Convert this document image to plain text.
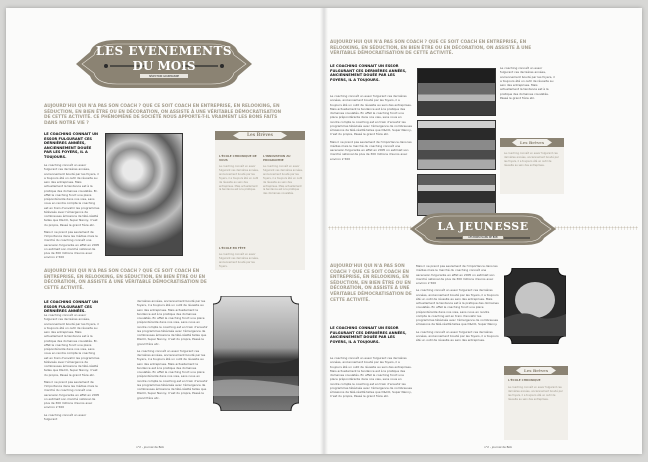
LES EVENEMENTS
DU MOIS
SÉLECTION GOURMANDE
AUJOURD'HUI QUI N'A PAS SON COACH ? QUE CE SOIT COACH EN ENTREPRISE, EN RELOOKING, EN SÉDUCTION, EN BIEN ÊTRE OU EN DÉCORATION, ON ASSISTE À UNE VÉRITABLE DÉMOCRATISATION DE CETTE ACTIVITÉ. CE PHÉNOMÈNE DE SOCIÉTÉ NOUS APPORTE-T-IL VRAIMENT LES BONS FAITS DANS NOTRE VIE ?
LE COACHING CONNAIT UN ESSOR FULGURANT CES DERNIÈRES ANNÉES, ANCIENNEMENT DOUÉE PAR LES FOYERS, IL A TOUJOURS.

Le coaching connaît un essor fulgurant ces dernières années, anciennement boudé par les foyers, il a toujours été un outil de réussite au sein des entreprises. Mais actuellement la tendance est à la pratique des domaines couslatés. En effet le coaching fonct une place prépondérante dans nos vies, sans nous en rendre compte le coaching est en train d'envahir les programmes télévisés avec l'émergence de nombreuses émissions de télé-réalité telles que D&CO, Super Nanny, C'est du propre, Passé le grand frère etc.

Mais il ne prend pas seulement de l'importance dans les médias mais le marché du coaching connaît une ascension fulgurante en effet en 2005 on estimait son marché national de plus de 300 millions d'euros avec environ 2 500

Les Brèves
L'ÉCOLE CHRONIQUE DE VOUS
L'INNOVATION AU PROGRAMME
Le coaching connaît un essor fulgurant ces dernières années, anciennement boudé par les foyers, il a toujours été un outil de réussite au sein des entreprises. Mais actuellement la tendance est à la pratique.
Le coaching connaît un essor fulgurant ces dernières années, anciennement boudé par les foyers, il a toujours été un outil de réussite au sein des entreprises. Mais actuellement la tendance est à la pratique des domaines couslatés.
L'ÉCOLE EN FÊTE
Le coaching connaît un essor fulgurant ces dernières années, anciennement boudé par les foyers.
AUJOURD'HUI QUI N'A PAS SON COACH ? QUE CE SOIT COACH EN ENTREPRISE, EN RELOOKING, EN SÉDUCTION, EN BIEN ÊTRE OU EN DÉCORATION, ON ASSISTE À UNE VÉRITABLE DÉMOCRATISATION DE CETTE ACTIVITÉ.
LE COACHING CONNAIT UN ESSOR FULGURANT CES DERNIÈRES ANNÉES.

Le coaching connaît un essor fulgurant ces dernières années, anciennement boudé par les foyers, il a toujours été un outil de réussite au sein des entreprises. Mais actuellement la tendance est à la pratique des domaines couslatés. En effet le coaching fonct une place prépondérante dans nos vies, sans nous en rendre compte le coaching est en train d'envahir les programmes télévisés avec l'émergence de nombreuses émissions de télé-réalité telles que D&CO, Super Nanny, C'est du propre, Passé le grand frère etc.

Mais il ne prend pas seulement de l'importance dans les médias mais le marché du coaching connaît une ascension fulgurante en effet en 2005 on estimait son marché national de plus de 300 millions d'euros avec environ 2 500

Le coaching connaît un essor fulgurant

dernières années, anciennement boudé par les foyers, il a toujours été un outil de réussite au sein des entreprises. Mais actuellement la tendance est à la pratique des domaines couslatés. En effet le coaching fonct une place prépondérante dans nos vies, sans nous en rendre compte le coaching est en train d'envahir les programmes télévisés avec l'émergence de nombreuses émissions de télé-réalité telles que D&CO, Super Nanny, C'est du propre, Passé le grand frère etc.

Le coaching connaît un essor fulgurant ces dernières années, anciennement boudé par les foyers, il a toujours été un outil de réussite au sein des entreprises. Mais actuellement la tendance est à la pratique des domaines couslatés. En effet le coaching fonct une place prépondérante dans nos vies, sans nous en rendre compte le coaching est en train d'envahir les programmes télévisés avec l'émergence de nombreuses émissions de télé-réalité telles que D&CO, Super Nanny, C'est du propre, Passé le grand frère etc.

n°2 - journal de Bob
AUJOURD'HUI QUI N'A PAS SON COACH ? QUE CE SOIT COACH EN ENTREPRISE, EN RELOOKING, EN SÉDUCTION, EN BIEN ÊTRE OU EN DÉCORATION, ON ASSISTE À UNE VÉRITABLE DÉMOCRATISATION DE CETTE ACTIVITÉ.
LE COACHING CONNAIT UN ESSOR FULGURANT CES DERNIÈRES ANNÉES, ANCIENNEMENT DOUÉE PAR LES FOYERS, IL A TOUJOURS.

Le coaching connaît un essor fulgurant ces dernières années, anciennement boudé par les foyers, il a toujours été un outil de réussite au sein des entreprises. Mais actuellement la tendance est à la pratique des domaines couslatés. En effet le coaching fonct une place prépondérante dans nos vies, sans nous en rendre compte le coaching est en train d'envahir les programmes télévisés avec l'émergence de nombreuses émissions de télé-réalité telles que D&CO, Super Nanny, C'est du propre, Passé le grand frère etc.

Mais il ne prend pas seulement de l'importance dans les médias mais le marché du coaching connaît une ascension fulgurante en effet en 2005 on estimait son marché national de plus de 300 millions d'euros avec environ 2 500

Le coaching connaît un essor fulgurant ces dernières années, anciennement boudé par les foyers, il a toujours été un outil de réussite au sein des entreprises. Mais actuellement la tendance est à la pratique des domaines couslatés. Passé le grand frère etc.
Les Brèves
Le coaching connaît un essor fulgurant ces dernières années, anciennement boudé par les foyers, il a toujours été un outil de réussite au sein des entreprises.
LA JEUNESSE
LES BONS PLANS DE BOB
AUJOURD'HUI QUI N'A PAS SON COACH ? QUE CE SOIT COACH EN ENTREPRISE, EN RELOOKING, EN SÉDUCTION, EN BIEN ÊTRE OU EN DÉCORATION, ON ASSISTE À UNE VÉRITABLE DÉMOCRATISATION DE CETTE ACTIVITÉ.
LE COACHING CONNAIT UN ESSOR FULGURANT CES DERNIÈRES ANNÉES, ANCIENNEMENT DOUÉE PAR LES FOYERS, IL A TOUJOURS.
Le coaching connaît un essor fulgurant ces dernières années, anciennement boudé par les foyers, il a toujours été un outil de réussite au sein des entreprises. Mais actuellement la tendance est à la pratique des domaines couslatés. En effet le coaching fonct une place prépondérante dans nos vies, sans nous en rendre compte le coaching est en train d'envahir les programmes télévisés avec l'émergence de nombreuses émissions de télé-réalité telles que D&CO, Super Nanny, C'est du propre, Passé le grand frère etc.

Mais il ne prend pas seulement de l'importance dans les médias mais le marché du coaching connaît une ascension fulgurante en effet en 2005 on estimait son marché national de plus de 300 millions d'euros avec environ 2 500

Le coaching connaît un essor fulgurant ces dernières années, anciennement boudé par les foyers, il a toujours été un outil de réussite au sein des entreprises. Mais actuellement la tendance est à la pratique des domaines couslatés. En effet le coaching fonct une place prépondérante dans nos vies, sans nous en rendre compte le coaching est en train d'envahir les programmes télévisés avec l'émergence de nombreuses émissions de télé-réalité telles que D&CO, Super Nanny.

Le coaching connaît un essor fulgurant ces dernières années, anciennement boudé par les foyers, il a toujours été un outil de réussite au sein des entreprises.

Les Brèves
L'ÉCOLE CHRONIQUE
Le coaching connaît un essor fulgurant ces dernières années, anciennement boudé par les foyers, il a toujours été un outil de réussite au sein des entreprises.
n°2 - journal de Bob
